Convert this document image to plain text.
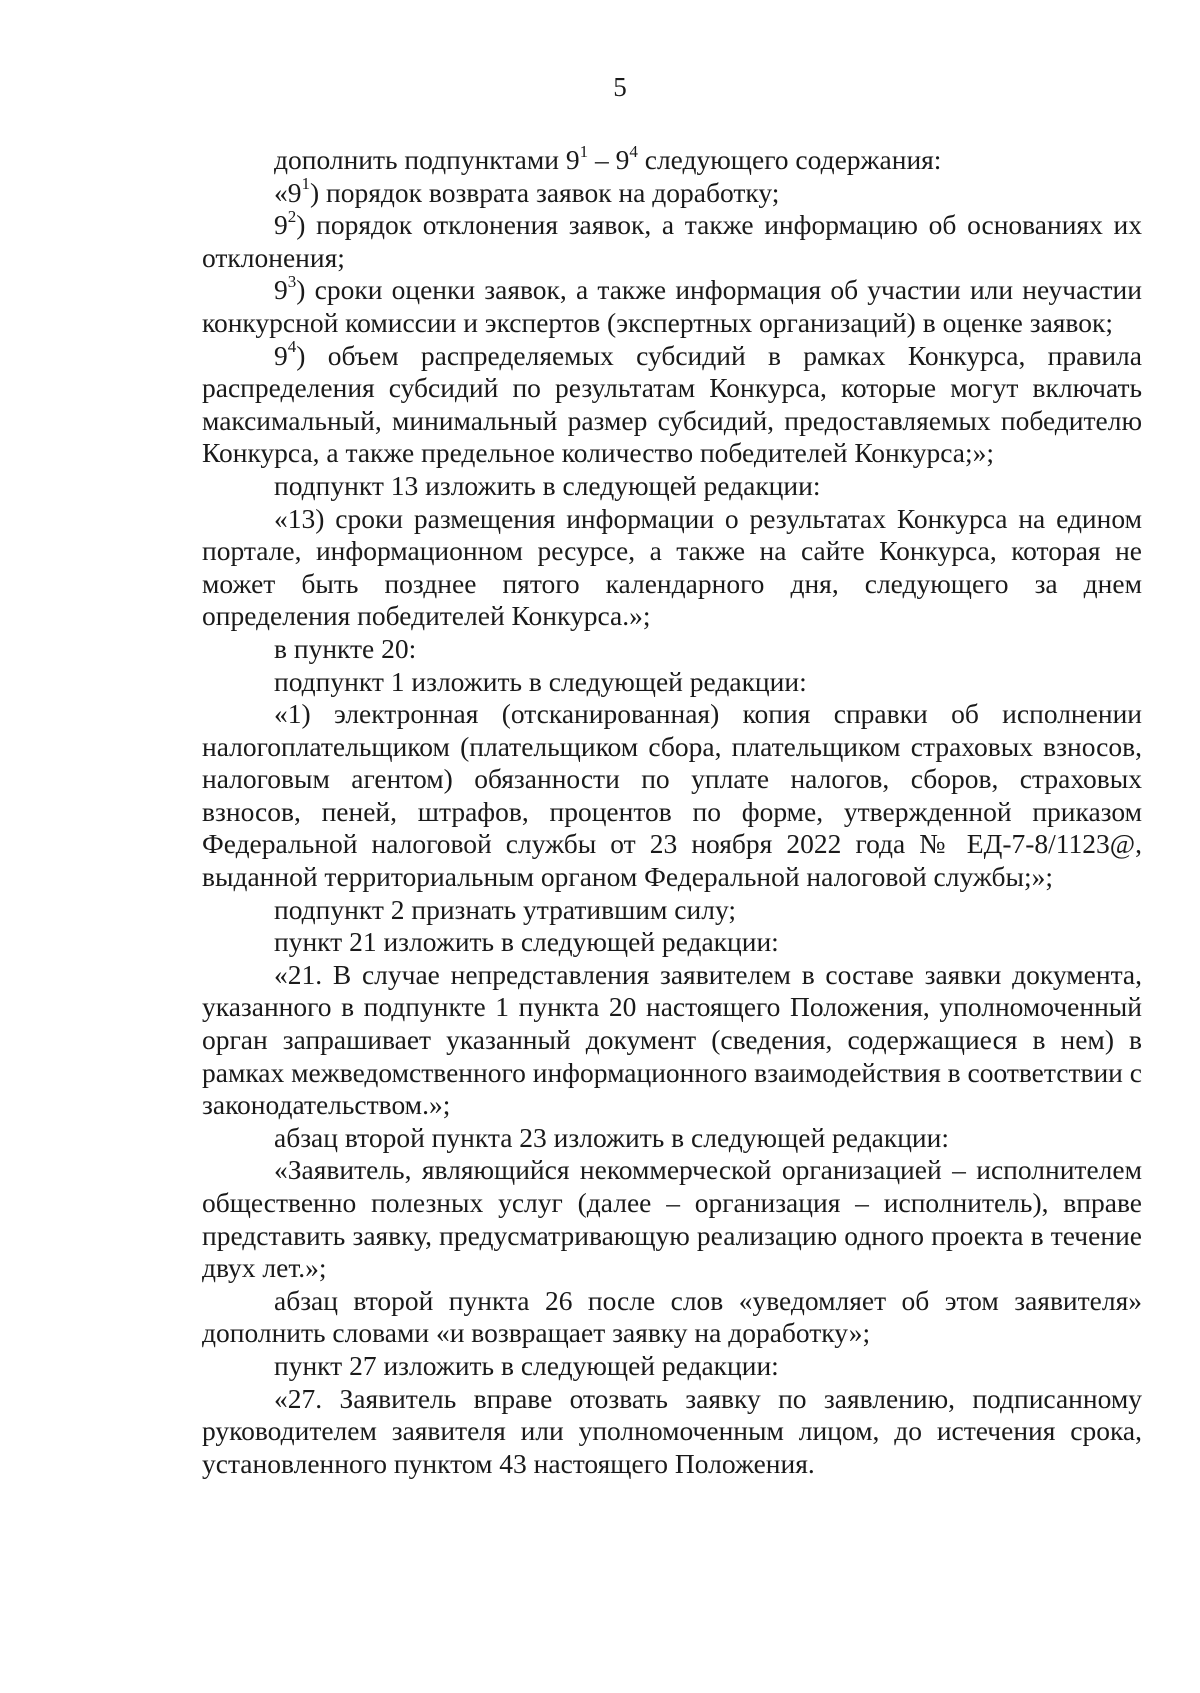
5

дополнить подпунктами $9^1 - 9^4$ следующего содержания:

«$9^1$) порядок возврата заявок на доработку;

$9^2$) порядок отклонения заявок, а также информацию об основаниях их отклонения;

$9^3$) сроки оценки заявок, а также информация об участии или неучастии конкурсной комиссии и экспертов (экспертных организаций) в оценке заявок;

$9^4$) объем распределяемых субсидий в рамках Конкурса, правила распределения субсидий по результатам Конкурса, которые могут включать максимальный, минимальный размер субсидий, предоставляемых победителю Конкурса, а также предельное количество победителей Конкурса;»;

подпункт 13 изложить в следующей редакции:

«13) сроки размещения информации о результатах Конкурса на едином портале, информационном ресурсе, а также на сайте Конкурса, которая не может быть позднее пятого календарного дня, следующего за днем определения победителей Конкурса.»;

в пункте 20:

подпункт 1 изложить в следующей редакции:

«1) электронная (отсканированная) копия справки об исполнении налогоплательщиком (плательщиком сбора, плательщиком страховых взносов, налоговым агентом) обязанности по уплате налогов, сборов, страховых взносов, пеней, штрафов, процентов по форме, утвержденной приказом Федеральной налоговой службы от 23 ноября 2022 года № ЕД-7-8/1123@, выданной территориальным органом Федеральной налоговой службы;»;

подпункт 2 признать утратившим силу;

пункт 21 изложить в следующей редакции:

«21. В случае непредставления заявителем в составе заявки документа, указанного в подпункте 1 пункта 20 настоящего Положения, уполномоченный орган запрашивает указанный документ (сведения, содержащиеся в нем) в рамках межведомственного информационного взаимодействия в соответствии с законодательством.»;

абзац второй пункта 23 изложить в следующей редакции:

«Заявитель, являющийся некоммерческой организацией – исполнителем общественно полезных услуг (далее – организация – исполнитель), вправе представить заявку, предусматривающую реализацию одного проекта в течение двух лет.»;

абзац второй пункта 26 после слов «уведомляет об этом заявителя» дополнить словами «и возвращает заявку на доработку»;

пункт 27 изложить в следующей редакции:

«27. Заявитель вправе отозвать заявку по заявлению, подписанному руководителем заявителя или уполномоченным лицом, до истечения срока, установленного пунктом 43 настоящего Положения.
